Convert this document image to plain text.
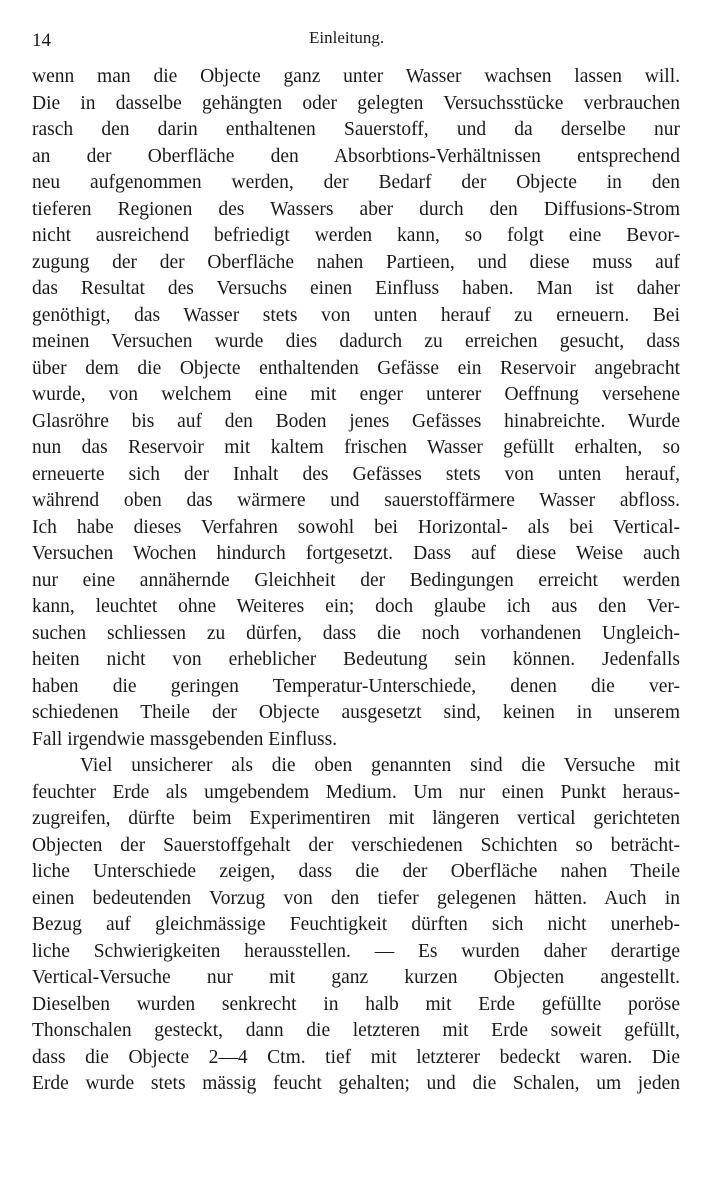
14	Einleitung.
wenn man die Objecte ganz unter Wasser wachsen lassen will.
Die in dasselbe gehängten oder gelegten Versuchsstücke verbrauchen
rasch den darin enthaltenen Sauerstoff, und da derselbe nur
an der Oberfläche den Absorbtions-Verhältnissen entsprechend
neu aufgenommen werden, der Bedarf der Objecte in den
tieferen Regionen des Wassers aber durch den Diffusions-Strom
nicht ausreichend befriedigt werden kann, so folgt eine Bevor-
zugung der der Oberfläche nahen Partieen, und diese muss auf
das Resultat des Versuchs einen Einfluss haben. Man ist daher
genöthigt, das Wasser stets von unten herauf zu erneuern. Bei
meinen Versuchen wurde dies dadurch zu erreichen gesucht, dass
über dem die Objecte enthaltenden Gefässe ein Reservoir angebracht
wurde, von welchem eine mit enger unterer Oeffnung versehene
Glasröhre bis auf den Boden jenes Gefässes hinabreichte. Wurde
nun das Reservoir mit kaltem frischen Wasser gefüllt erhalten, so
erneuerte sich der Inhalt des Gefässes stets von unten herauf,
während oben das wärmere und sauerstoffärmere Wasser abfloss.
Ich habe dieses Verfahren sowohl bei Horizontal- als bei Vertical-
Versuchen Wochen hindurch fortgesetzt. Dass auf diese Weise auch
nur eine annähernde Gleichheit der Bedingungen erreicht werden
kann, leuchtet ohne Weiteres ein; doch glaube ich aus den Ver-
suchen schliessen zu dürfen, dass die noch vorhandenen Ungleich-
heiten nicht von erheblicher Bedeutung sein können. Jedenfalls
haben die geringen Temperatur-Unterschiede, denen die ver-
schiedenen Theile der Objecte ausgesetzt sind, keinen in unserem
Fall irgendwie massgebenden Einfluss.
Viel unsicherer als die oben genannten sind die Versuche mit
feuchter Erde als umgebendem Medium. Um nur einen Punkt heraus-
zugreifen, dürfte beim Experimentiren mit längeren vertical gerichteten
Objecten der Sauerstoffgehalt der verschiedenen Schichten so beträcht-
liche Unterschiede zeigen, dass die der Oberfläche nahen Theile
einen bedeutenden Vorzug von den tiefer gelegenen hätten. Auch in
Bezug auf gleichmässige Feuchtigkeit dürften sich nicht unerheb-
liche Schwierigkeiten herausstellen. — Es wurden daher derartige
Vertical-Versuche nur mit ganz kurzen Objecten angestellt.
Dieselben wurden senkrecht in halb mit Erde gefüllte poröse
Thonschalen gesteckt, dann die letzteren mit Erde soweit gefüllt,
dass die Objecte 2—4 Ctm. tief mit letzterer bedeckt waren. Die
Erde wurde stets mässig feucht gehalten; und die Schalen, um jeden
